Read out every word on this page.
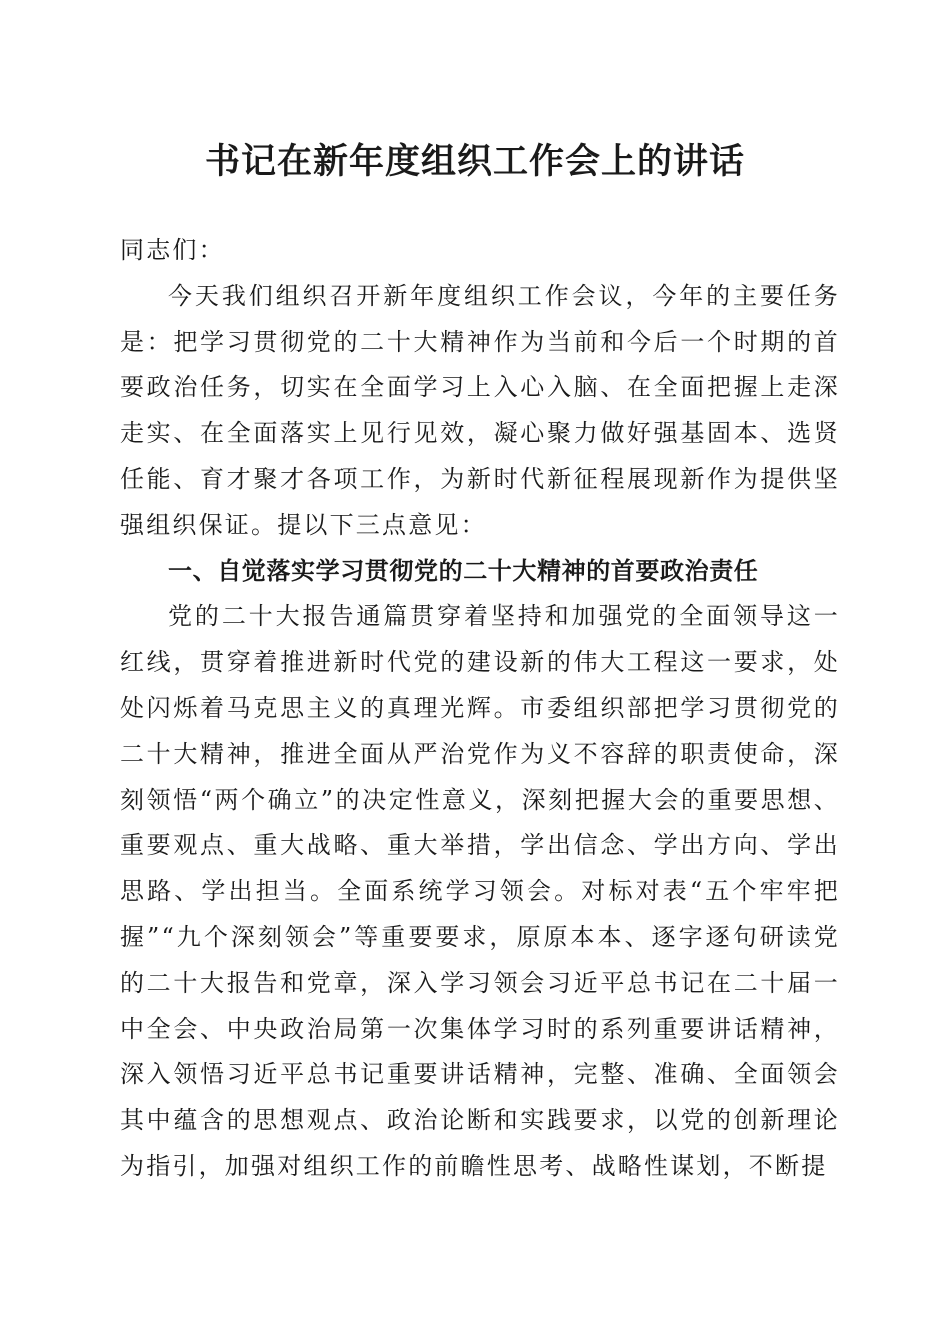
书记在新年度组织工作会上的讲话

同志们：

今天我们组织召开新年度组织工作会议，今年的主要任务是：把学习贯彻党的二十大精神作为当前和今后一个时期的首要政治任务，切实在全面学习上入心入脑、在全面把握上走深走实、在全面落实上见行见效，凝心聚力做好强基固本、选贤任能、育才聚才各项工作，为新时代新征程展现新作为提供坚强组织保证。提以下三点意见：

一、自觉落实学习贯彻党的二十大精神的首要政治责任

党的二十大报告通篇贯穿着坚持和加强党的全面领导这一红线，贯穿着推进新时代党的建设新的伟大工程这一要求，处处闪烁着马克思主义的真理光辉。市委组织部把学习贯彻党的二十大精神，推进全面从严治党作为义不容辞的职责使命，深刻领悟“两个确立”的决定性意义，深刻把握大会的重要思想、重要观点、重大战略、重大举措，学出信念、学出方向、学出思路、学出担当。全面系统学习领会。对标对表“五个牢牢把握”“九个深刻领会”等重要要求，原原本本、逐字逐句研读党的二十大报告和党章，深入学习领会习近平总书记在二十届一中全会、中央政治局第一次集体学习时的系列重要讲话精神，深入领悟习近平总书记重要讲话精神，完整、准确、全面领会其中蕴含的思想观点、政治论断和实践要求，以党的创新理论为指引，加强对组织工作的前瞻性思考、战略性谋划，不断提
